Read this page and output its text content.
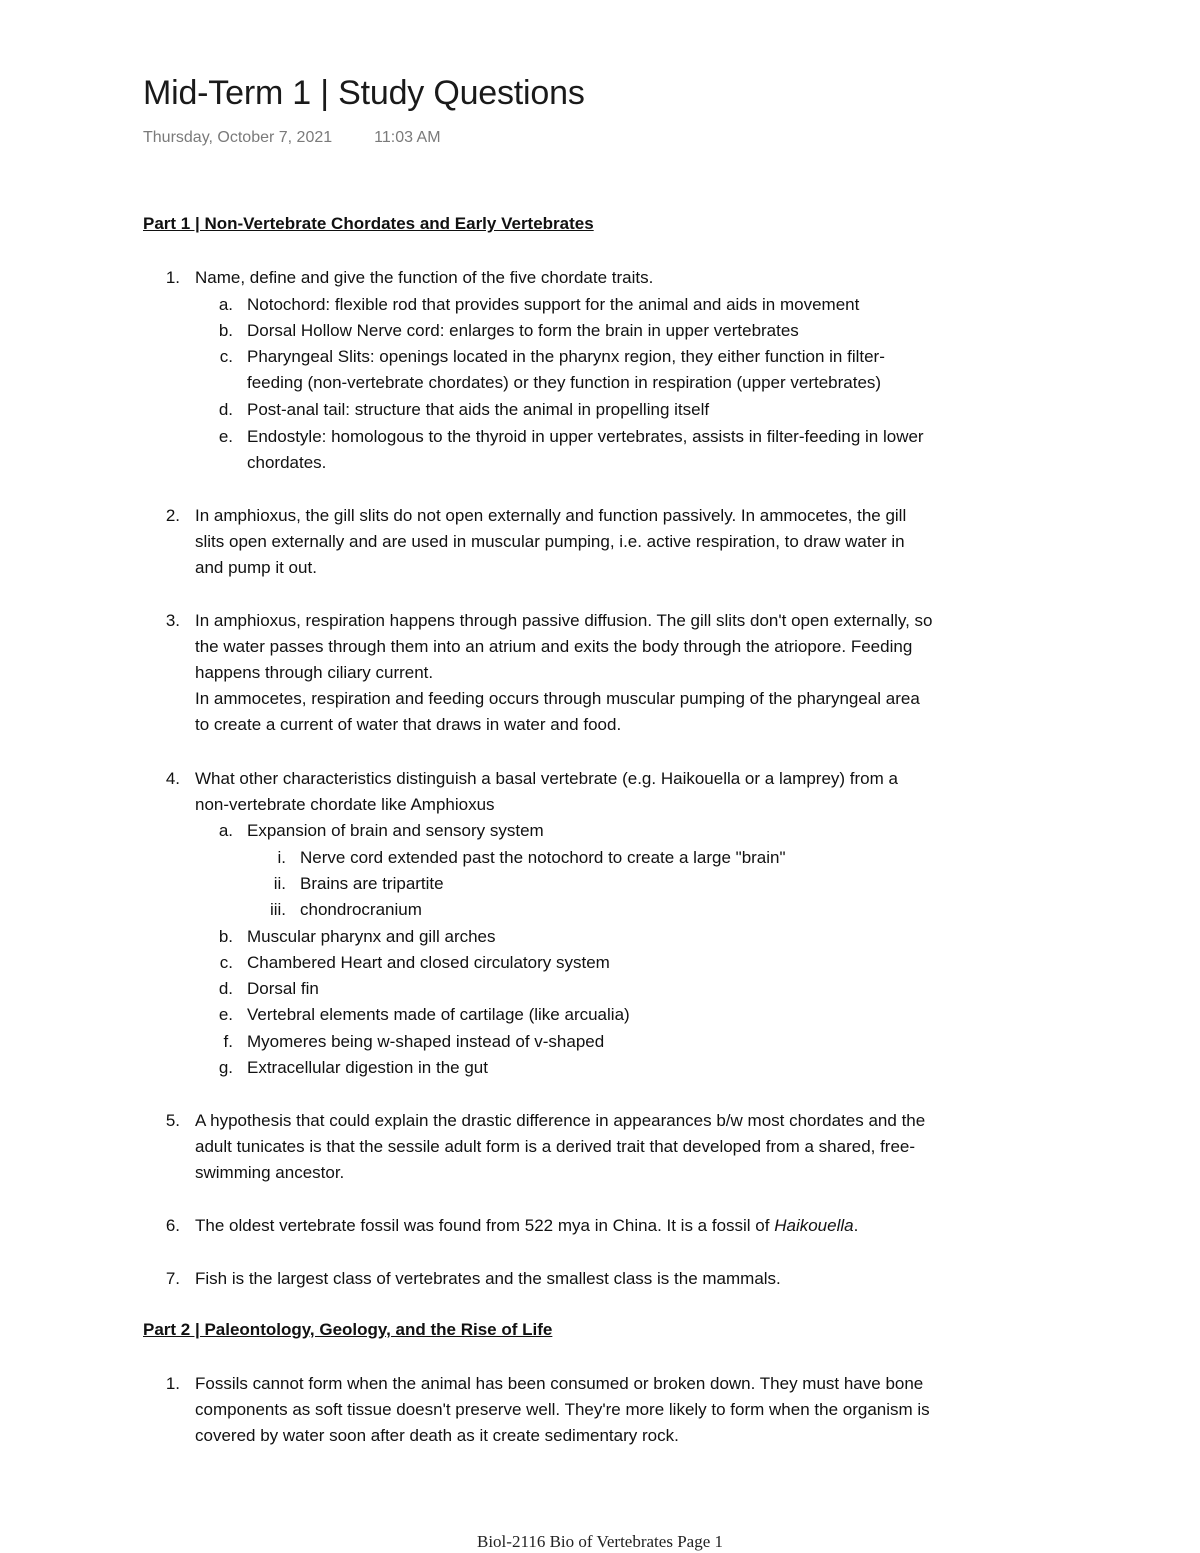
Mid-Term 1 | Study Questions
Thursday, October 7, 2021	11:03 AM
Part 1 | Non-Vertebrate Chordates and Early Vertebrates
1. Name, define and give the function of the five chordate traits.
a. Notochord: flexible rod that provides support for the animal and aids in movement
b. Dorsal Hollow Nerve cord: enlarges to form the brain in upper vertebrates
c. Pharyngeal Slits: openings located in the pharynx region, they either function in filter-
feeding (non-vertebrate chordates) or they function in respiration (upper vertebrates)
d. Post-anal tail: structure that aids the animal in propelling itself
e. Endostyle: homologous to the thyroid in upper vertebrates, assists in filter-feeding in lower
chordates.
2. In amphioxus, the gill slits do not open externally and function passively. In ammocetes, the gill
slits open externally and are used in muscular pumping, i.e. active respiration, to draw water in
and pump it out.
3. In amphioxus, respiration happens through passive diffusion. The gill slits don't open externally, so
the water passes through them into an atrium and exits the body through the atriopore. Feeding
happens through ciliary current.
In ammocetes, respiration and feeding occurs through muscular pumping of the pharyngeal area
to create a current of water that draws in water and food.
4. What other characteristics distinguish a basal vertebrate (e.g. Haikouella or a lamprey) from a
non-vertebrate chordate like Amphioxus
a. Expansion of brain and sensory system
i. Nerve cord extended past the notochord to create a large "brain"
ii. Brains are tripartite
iii. chondrocranium
b. Muscular pharynx and gill arches
c. Chambered Heart and closed circulatory system
d. Dorsal fin
e. Vertebral elements made of cartilage (like arcualia)
f. Myomeres being w-shaped instead of v-shaped
g. Extracellular digestion in the gut
5. A hypothesis that could explain the drastic difference in appearances b/w most chordates and the
adult tunicates is that the sessile adult form is a derived trait that developed from a shared, free-
swimming ancestor.
6. The oldest vertebrate fossil was found from 522 mya in China. It is a fossil of Haikouella.
7. Fish is the largest class of vertebrates and the smallest class is the mammals.
Part 2 | Paleontology, Geology, and the Rise of Life
1. Fossils cannot form when the animal has been consumed or broken down. They must have bone
components as soft tissue doesn't preserve well. They're more likely to form when the organism is
covered by water soon after death as it create sedimentary rock.
Biol-2116 Bio of Vertebrates Page 1
